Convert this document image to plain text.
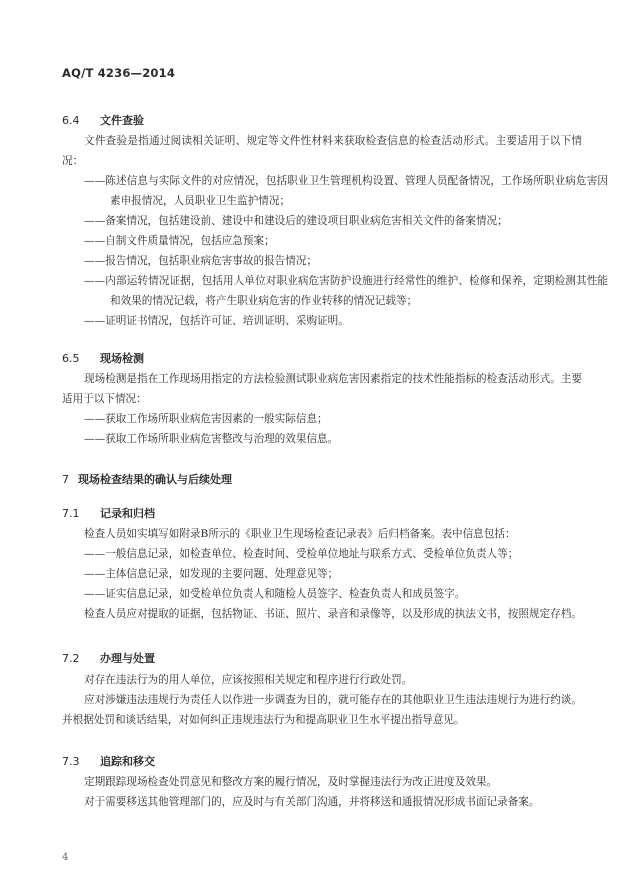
AQ/T 4236—2014
6.4 文件查验

文件查验是指通过阅读相关证明、规定等文件性材料来获取检查信息的检查活动形式。主要适用于以下情况：

——陈述信息与实际文件的对应情况，包括职业卫生管理机构设置、管理人员配备情况，工作场所职业病危害因素申报情况，人员职业卫生监护情况；

——备案情况，包括建设前、建设中和建设后的建设项目职业病危害相关文件的备案情况；

——自制文件质量情况，包括应急预案；

——报告情况，包括职业病危害事故的报告情况；

——内部运转情况证据，包括用人单位对职业病危害防护设施进行经常性的维护、检修和保养，定期检测其性能和效果的情况记载，将产生职业病危害的作业转移的情况记载等；

——证明证书情况，包括许可证、培训证明、采购证明。

6.5 现场检测

现场检测是指在工作现场用指定的方法检验测试职业病危害因素指定的技术性能指标的检查活动形式。主要适用于以下情况：

——获取工作场所职业病危害因素的一般实际信息；

——获取工作场所职业病危害整改与治理的效果信息。

7 现场检查结果的确认与后续处理
7.1 记录和归档

检查人员如实填写如附录B所示的《职业卫生现场检查记录表》后归档备案。表中信息包括：

——一般信息记录，如检查单位、检查时间、受检单位地址与联系方式、受检单位负责人等；

——主体信息记录，如发现的主要问题、处理意见等；

——证实信息记录，如受检单位负责人和随检人员签字、检查负责人和成员签字。

检查人员应对提取的证据，包括物证、书证、照片、录音和录像等，以及形成的执法文书，按照规定存档。

7.2 办理与处置

对存在违法行为的用人单位，应该按照相关规定和程序进行行政处罚。

应对涉嫌违法违规行为责任人以作进一步调查为目的，就可能存在的其他职业卫生违法违规行为进行约谈。并根据处罚和谈话结果，对如何纠正违规违法行为和提高职业卫生水平提出指导意见。

7.3 追踪和移交

定期跟踪现场检查处罚意见和整改方案的履行情况，及时掌握违法行为改正进度及效果。

对于需要移送其他管理部门的，应及时与有关部门沟通，并将移送和通报情况形成书面记录备案。

4
